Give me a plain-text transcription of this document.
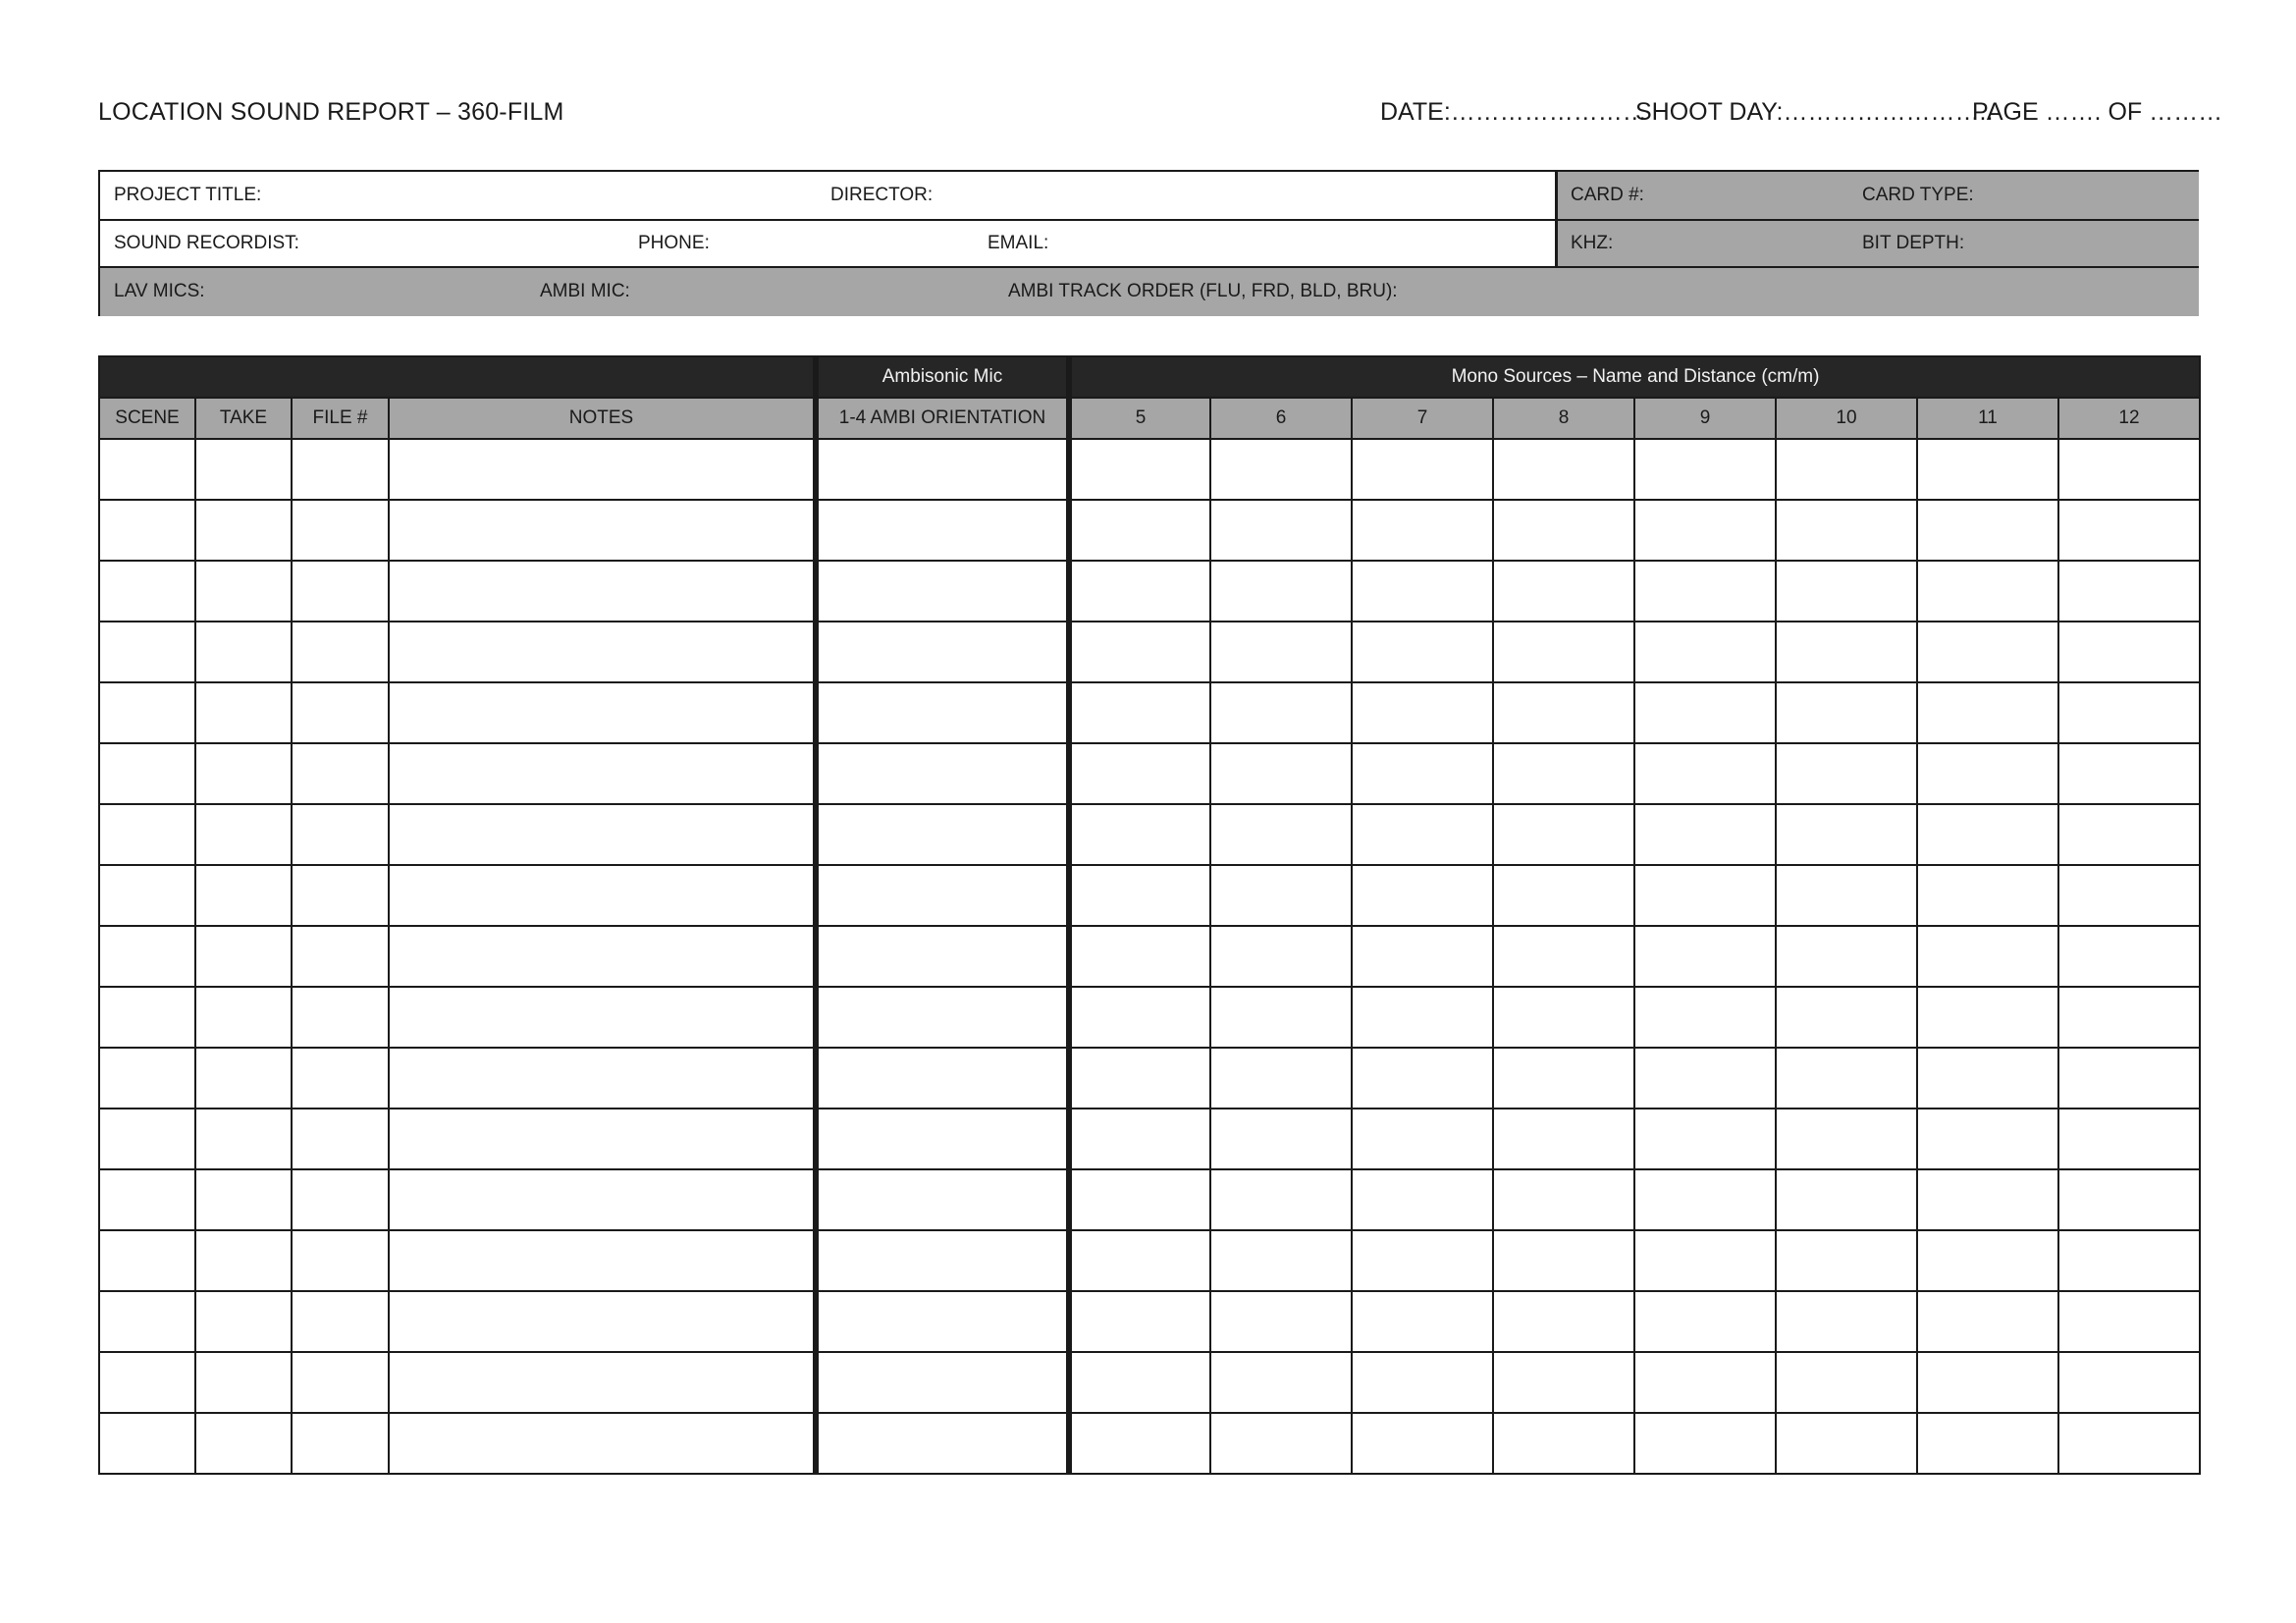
LOCATION SOUND REPORT – 360-FILM	DATE:……………………
SHOOT DAY:……………………..
PAGE ……. OF ………
PROJECT TITLE:	DIRECTOR:	CARD #:	CARD TYPE:
SOUND RECORDIST:	PHONE:	EMAIL:	KHZ:	BIT DEPTH:
LAV MICS:	AMBI MIC:	AMBI TRACK ORDER (FLU, FRD, BLD, BRU):
				Ambisonic Mic	Mono Sources – Name and Distance (cm/m)							
SCENE	TAKE	FILE #	NOTES	1-4 AMBI ORIENTATION	5	6	7	8	9	10	11	12
